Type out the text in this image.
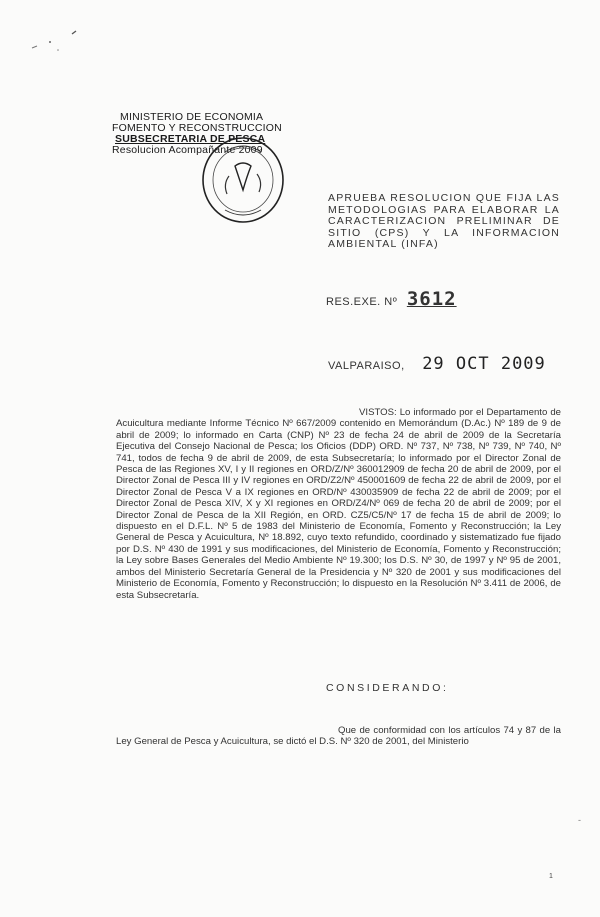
MINISTERIO DE ECONOMIA
FOMENTO Y RECONSTRUCCION
SUBSECRETARIA DE PESCA
Resolucion Acompañante 2009
APRUEBA RESOLUCION QUE FIJA LAS METODOLOGIAS PARA ELABORAR LA CARACTERIZACION PRELIMINAR DE SITIO (CPS) Y LA INFORMACION AMBIENTAL (INFA)
RES.EXE. Nº 3612
VALPARAISO, 29 OCT 2009
VISTOS: Lo informado por el Departamento de Acuicultura mediante Informe Técnico Nº 667/2009 contenido en Memorándum (D.Ac.) Nº 189 de 9 de abril de 2009; lo informado en Carta (CNP) Nº 23 de fecha 24 de abril de 2009 de la Secretaría Ejecutiva del Consejo Nacional de Pesca; los Oficios (DDP) ORD. Nº 737, Nº 738, Nº 739, Nº 740, Nº 741, todos de fecha 9 de abril de 2009, de esta Subsecretaría; lo informado por el Director Zonal de Pesca de las Regiones XV, I y II regiones en ORD/Z/Nº 360012909 de fecha 20 de abril de 2009, por el Director Zonal de Pesca III y IV regiones en ORD/Z2/Nº 450001609 de fecha 22 de abril de 2009, por el Director Zonal de Pesca V a IX regiones en ORD/Nº 430035909 de fecha 22 de abril de 2009; por el Director Zonal de Pesca XIV, X y XI regiones en ORD/Z4/Nº 069 de fecha 20 de abril de 2009; por el Director Zonal de Pesca de la XII Región, en ORD. CZ5/C5/Nº 17 de fecha 15 de abril de 2009; lo dispuesto en el D.F.L. Nº 5 de 1983 del Ministerio de Economía, Fomento y Reconstrucción; la Ley General de Pesca y Acuicultura, Nº 18.892, cuyo texto refundido, coordinado y sistematizado fue fijado por D.S. Nº 430 de 1991 y sus modificaciones, del Ministerio de Economía, Fomento y Reconstrucción; la Ley sobre Bases Generales del Medio Ambiente Nº 19.300; los D.S. Nº 30, de 1997 y Nº 95 de 2001, ambos del Ministerio Secretaría General de la Presidencia y Nº 320 de 2001 y sus modificaciones del Ministerio de Economía, Fomento y Reconstrucción; lo dispuesto en la Resolución Nº 3.411 de 2006, de esta Subsecretaría.
CONSIDERANDO:
Que de conformidad con los artículos 74 y 87 de la Ley General de Pesca y Acuicultura, se dictó el D.S. Nº 320 de 2001, del Ministerio
-
1
